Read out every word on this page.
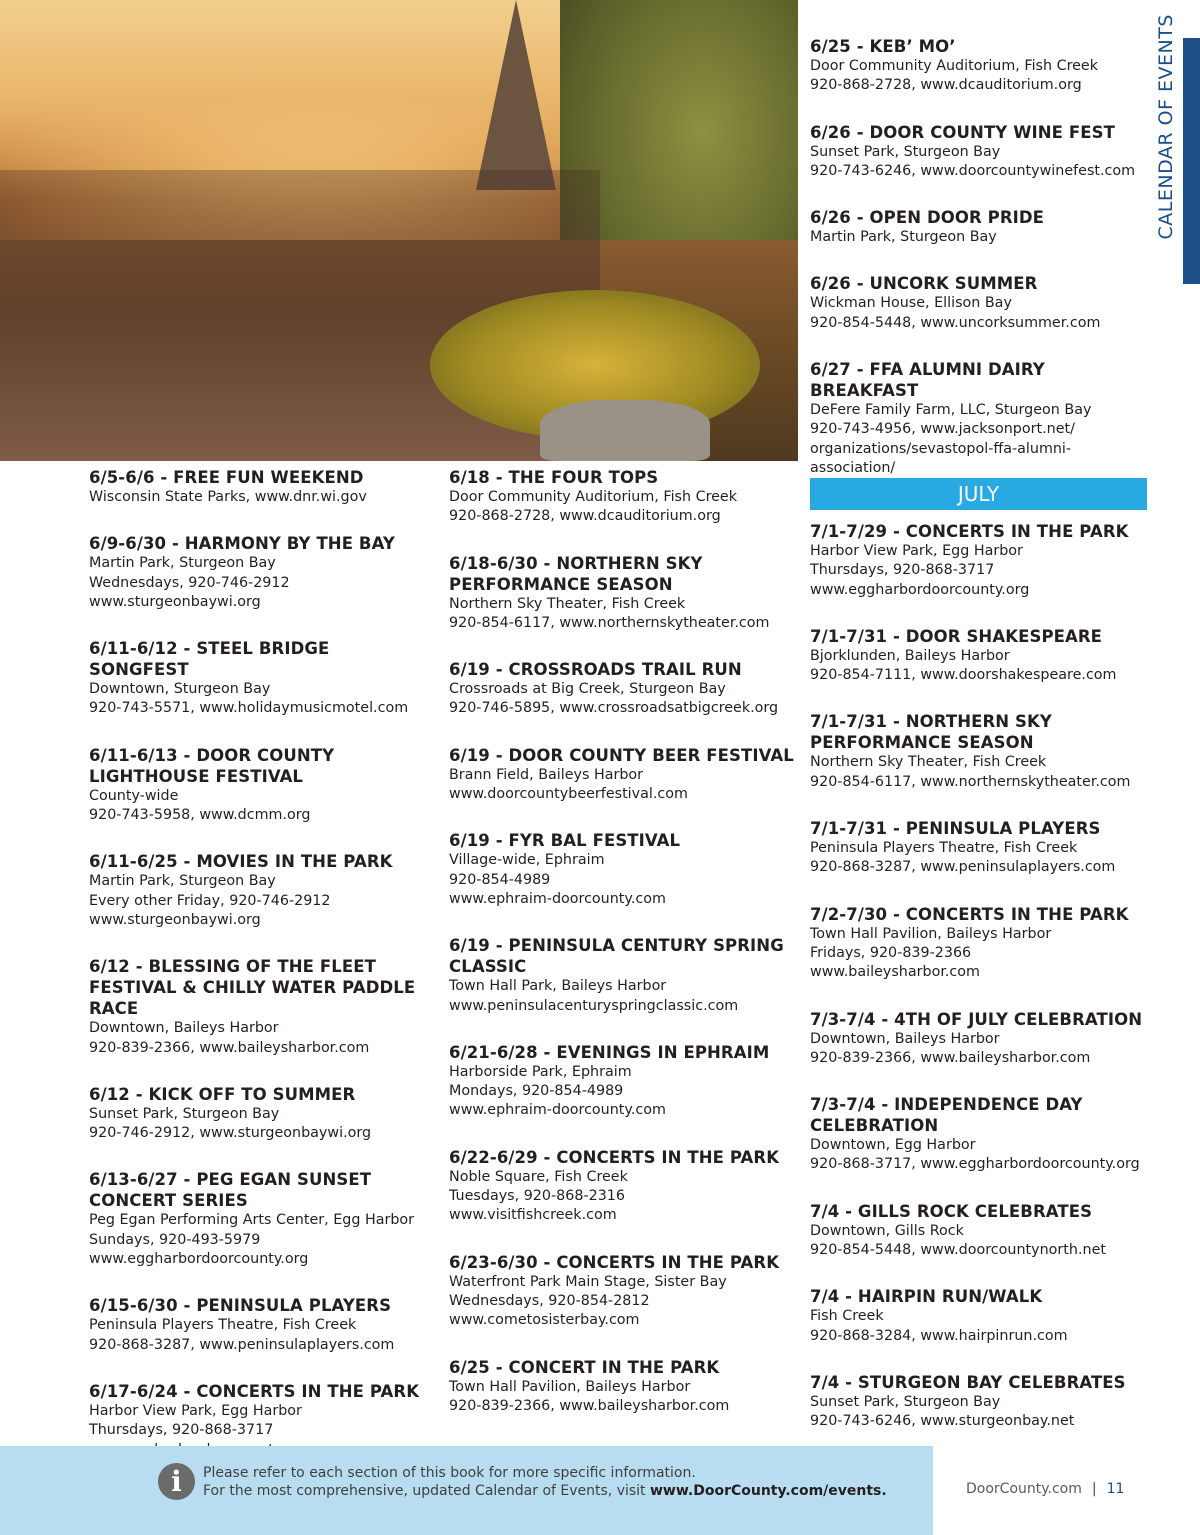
CALENDAR OF EVENTS
6/5-6/6 - FREE FUN WEEKEND

Wisconsin State Parks, www.dnr.wi.gov

6/9-6/30 - HARMONY BY THE BAY

Martin Park, Sturgeon Bay

Wednesdays, 920-746-2912

www.sturgeonbaywi.org

6/11-6/12 - STEEL BRIDGE SONGFEST

Downtown, Sturgeon Bay

920-743-5571, www.holidaymusicmotel.com

6/11-6/13 - DOOR COUNTY LIGHTHOUSE FESTIVAL

County-wide

920-743-5958, www.dcmm.org

6/11-6/25 - MOVIES IN THE PARK

Martin Park, Sturgeon Bay

Every other Friday, 920-746-2912

www.sturgeonbaywi.org

6/12 - BLESSING OF THE FLEET FESTIVAL & CHILLY WATER PADDLE RACE

Downtown, Baileys Harbor

920-839-2366, www.baileysharbor.com

6/12 - KICK OFF TO SUMMER

Sunset Park, Sturgeon Bay

920-746-2912, www.sturgeonbaywi.org

6/13-6/27 - PEG EGAN SUNSET CONCERT SERIES

Peg Egan Performing Arts Center, Egg Harbor

Sundays, 920-493-5979

www.eggharbordoorcounty.org

6/15-6/30 - PENINSULA PLAYERS

Peninsula Players Theatre, Fish Creek

920-868-3287, www.peninsulaplayers.com

6/17-6/24 - CONCERTS IN THE PARK

Harbor View Park, Egg Harbor

Thursdays, 920-868-3717

6/18 - THE FOUR TOPS

Door Community Auditorium, Fish Creek

920-868-2728, www.dcauditorium.org

6/18-6/30 - NORTHERN SKY PERFORMANCE SEASON

Northern Sky Theater, Fish Creek

920-854-6117, www.northernskytheater.com

6/19 - CROSSROADS TRAIL RUN

Crossroads at Big Creek, Sturgeon Bay

920-746-5895, www.crossroadsatbigcreek.org

6/19 - DOOR COUNTY BEER FESTIVAL

Brann Field, Baileys Harbor

www.doorcountybeerfestival.com

6/19 - FYR BAL FESTIVAL

Village-wide, Ephraim

920-854-4989

www.ephraim-doorcounty.com

6/19 - PENINSULA CENTURY SPRING CLASSIC

Town Hall Park, Baileys Harbor

www.peninsulacenturyspringclassic.com

6/21-6/28 - EVENINGS IN EPHRAIM

Harborside Park, Ephraim

Mondays, 920-854-4989

www.ephraim-doorcounty.com

6/22-6/29 - CONCERTS IN THE PARK

Noble Square, Fish Creek

Tuesdays, 920-868-2316

www.visitfishcreek.com

6/23-6/30 - CONCERTS IN THE PARK

Waterfront Park Main Stage, Sister Bay

Wednesdays, 920-854-2812

www.cometosisterbay.com

6/25 - CONCERT IN THE PARK

Town Hall Pavilion, Baileys Harbor

920-839-2366, www.baileysharbor.com

6/25 - KEB’ MO’

Door Community Auditorium, Fish Creek

920-868-2728, www.dcauditorium.org

6/26 - DOOR COUNTY WINE FEST

Sunset Park, Sturgeon Bay

920-743-6246, www.doorcountywinefest.com

6/26 - OPEN DOOR PRIDE

Martin Park, Sturgeon Bay

6/26 - UNCORK SUMMER

Wickman House, Ellison Bay

920-854-5448, www.uncorksummer.com

6/27 - FFA ALUMNI DAIRY BREAKFAST

DeFere Family Farm, LLC, Sturgeon Bay

920-743-4956, www.jacksonport.net/

organizations/sevastopol-ffa-alumni-

association/

JULY
7/1-7/29 - CONCERTS IN THE PARK

Harbor View Park, Egg Harbor

Thursdays, 920-868-3717

www.eggharbordoorcounty.org

7/1-7/31 - DOOR SHAKESPEARE

Bjorklunden, Baileys Harbor

920-854-7111, www.doorshakespeare.com

7/1-7/31 - NORTHERN SKY PERFORMANCE SEASON

Northern Sky Theater, Fish Creek

920-854-6117, www.northernskytheater.com

7/1-7/31 - PENINSULA PLAYERS

Peninsula Players Theatre, Fish Creek

920-868-3287, www.peninsulaplayers.com

7/2-7/30 - CONCERTS IN THE PARK

Town Hall Pavilion, Baileys Harbor

Fridays, 920-839-2366

www.baileysharbor.com

7/3-7/4 - 4TH OF JULY CELEBRATION

Downtown, Baileys Harbor

920-839-2366, www.baileysharbor.com

7/3-7/4 - INDEPENDENCE DAY CELEBRATION

Downtown, Egg Harbor

920-868-3717, www.eggharbordoorcounty.org

7/4 - GILLS ROCK CELEBRATES

Downtown, Gills Rock

920-854-5448, www.doorcountynorth.net

7/4 - HAIRPIN RUN/WALK

Fish Creek

920-868-3284, www.hairpinrun.com

7/4 - STURGEON BAY CELEBRATES

Sunset Park, Sturgeon Bay

920-743-6246, www.sturgeonbay.net

i	Please refer to each section of this book for more specific information.
For the most comprehensive, updated Calendar of Events, visit www.DoorCounty.com/events.	DoorCounty.com | 11
